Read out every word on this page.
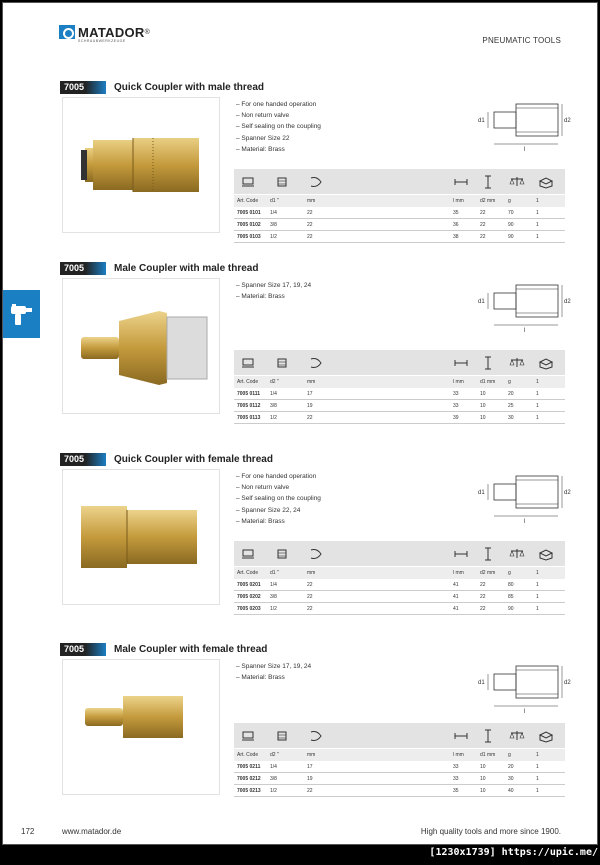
MATADOR ®
SCHRAUBWERKZEUGE	PNEUMATIC TOOLS
7005	Quick Coupler with male thread
– For one handed operation
– Non return valve
– Self sealing on the coupling
– Spanner Size 22
– Material: Brass
d1	d2
l
Art. Code	d1 "	mm	l mm	d2 mm	g	1
7005 0101	1/4	22	35	22	70	1
7005 0102	3/8	22	36	22	90	1
7005 0103	1/2	22	38	22	90	1
7005	Male Coupler with male thread
– Spanner Size 17, 19, 24
– Material: Brass
d1	d2
l
Art. Code	d2 "	mm	l mm	d1 mm	g	1
7005 0111	1/4	17	33	10	20	1
7005 0112	3/8	19	33	10	25	1
7005 0113	1/2	22	39	10	30	1
7005	Quick Coupler with female thread
– For one handed operation
– Non return valve
– Self sealing on the coupling
– Spanner Size 22, 24
– Material: Brass
d1	d2
l
Art. Code	d1 "	mm	l mm	d2 mm	g	1
7005 0201	1/4	22	41	22	80	1
7005 0202	3/8	22	41	22	85	1
7005 0203	1/2	22	41	22	90	1
7005	Male Coupler with female thread
– Spanner Size 17, 19, 24
– Material: Brass
d1	d2
l
Art. Code	d2 "	mm	l mm	d1 mm	g	1
7005 0211	1/4	17	33	10	20	1
7005 0212	3/8	19	33	10	30	1
7005 0213	1/2	22	35	10	40	1
172	www.matador.de	High quality tools and more since 1900.
[1230x1739] https://upic.me/
